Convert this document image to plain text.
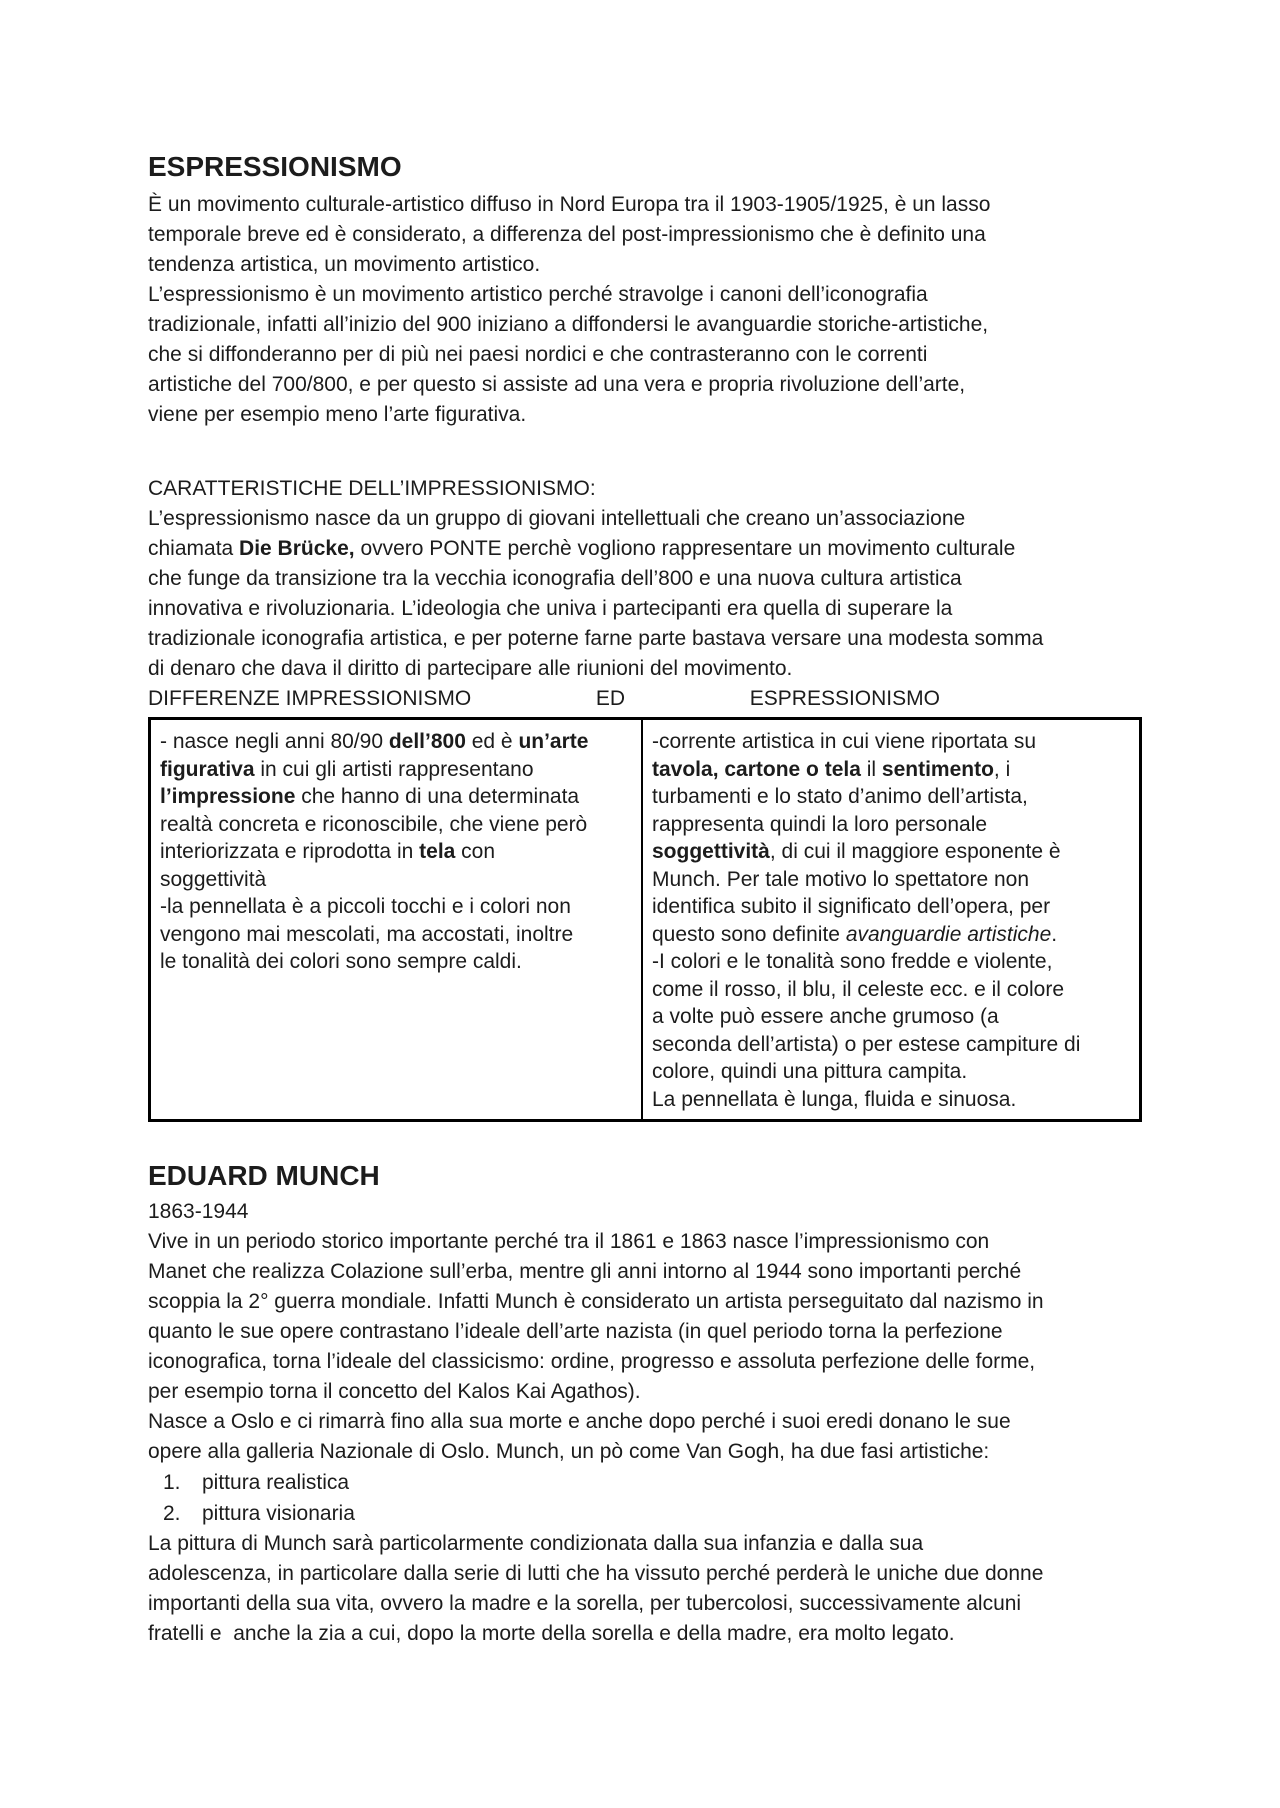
ESPRESSIONISMO
È un movimento culturale-artistico diffuso in Nord Europa tra il 1903-1905/1925, è un lasso
temporale breve ed è considerato, a differenza del post-impressionismo che è definito una
tendenza artistica, un movimento artistico.
L’espressionismo è un movimento artistico perché stravolge i canoni dell’iconografia
tradizionale, infatti all’inizio del 900 iniziano a diffondersi le avanguardie storiche-artistiche,
che si diffonderanno per di più nei paesi nordici e che contrasteranno con le correnti
artistiche del 700/800, e per questo si assiste ad una vera e propria rivoluzione dell’arte,
viene per esempio meno l’arte figurativa.
CARATTERISTICHE DELL’IMPRESSIONISMO:
L’espressionismo nasce da un gruppo di giovani intellettuali che creano un’associazione
chiamata Die Brücke, ovvero PONTE perchè vogliono rappresentare un movimento culturale
che funge da transizione tra la vecchia iconografia dell’800 e una nuova cultura artistica
innovativa e rivoluzionaria. L’ideologia che univa i partecipanti era quella di superare la
tradizionale iconografia artistica, e per poterne farne parte bastava versare una modesta somma
di denaro che dava il diritto di partecipare alle riunioni del movimento.
DIFFERENZE IMPRESSIONISMO	ED	ESPRESSIONISMO
- nasce negli anni 80/90 dell’800 ed è un’arte
figurativa in cui gli artisti rappresentano
l’impressione che hanno di una determinata
realtà concreta e riconoscibile, che viene però
interiorizzata e riprodotta in tela con
soggettività
-la pennellata è a piccoli tocchi e i colori non
vengono mai mescolati, ma accostati, inoltre
le tonalità dei colori sono sempre caldi.
-corrente artistica in cui viene riportata su
tavola, cartone o tela il sentimento, i
turbamenti e lo stato d’animo dell’artista,
rappresenta quindi la loro personale
soggettività, di cui il maggiore esponente è
Munch. Per tale motivo lo spettatore non
identifica subito il significato dell’opera, per
questo sono definite avanguardie artistiche.
-I colori e le tonalità sono fredde e violente,
come il rosso, il blu, il celeste ecc. e il colore
a volte può essere anche grumoso (a
seconda dell’artista) o per estese campiture di
colore, quindi una pittura campita.
La pennellata è lunga, fluida e sinuosa.
EDUARD MUNCH
1863-1944
Vive in un periodo storico importante perché tra il 1861 e 1863 nasce l’impressionismo con
Manet che realizza Colazione sull’erba, mentre gli anni intorno al 1944 sono importanti perché
scoppia la 2° guerra mondiale. Infatti Munch è considerato un artista perseguitato dal nazismo in
quanto le sue opere contrastano l’ideale dell’arte nazista (in quel periodo torna la perfezione
iconografica, torna l’ideale del classicismo: ordine, progresso e assoluta perfezione delle forme,
per esempio torna il concetto del Kalos Kai Agathos).
Nasce a Oslo e ci rimarrà fino alla sua morte e anche dopo perché i suoi eredi donano le sue
opere alla galleria Nazionale di Oslo. Munch, un pò come Van Gogh, ha due fasi artistiche:
1. pittura realistica
2. pittura visionaria
La pittura di Munch sarà particolarmente condizionata dalla sua infanzia e dalla sua
adolescenza, in particolare dalla serie di lutti che ha vissuto perché perderà le uniche due donne
importanti della sua vita, ovvero la madre e la sorella, per tubercolosi, successivamente alcuni
fratelli e  anche la zia a cui, dopo la morte della sorella e della madre, era molto legato.
